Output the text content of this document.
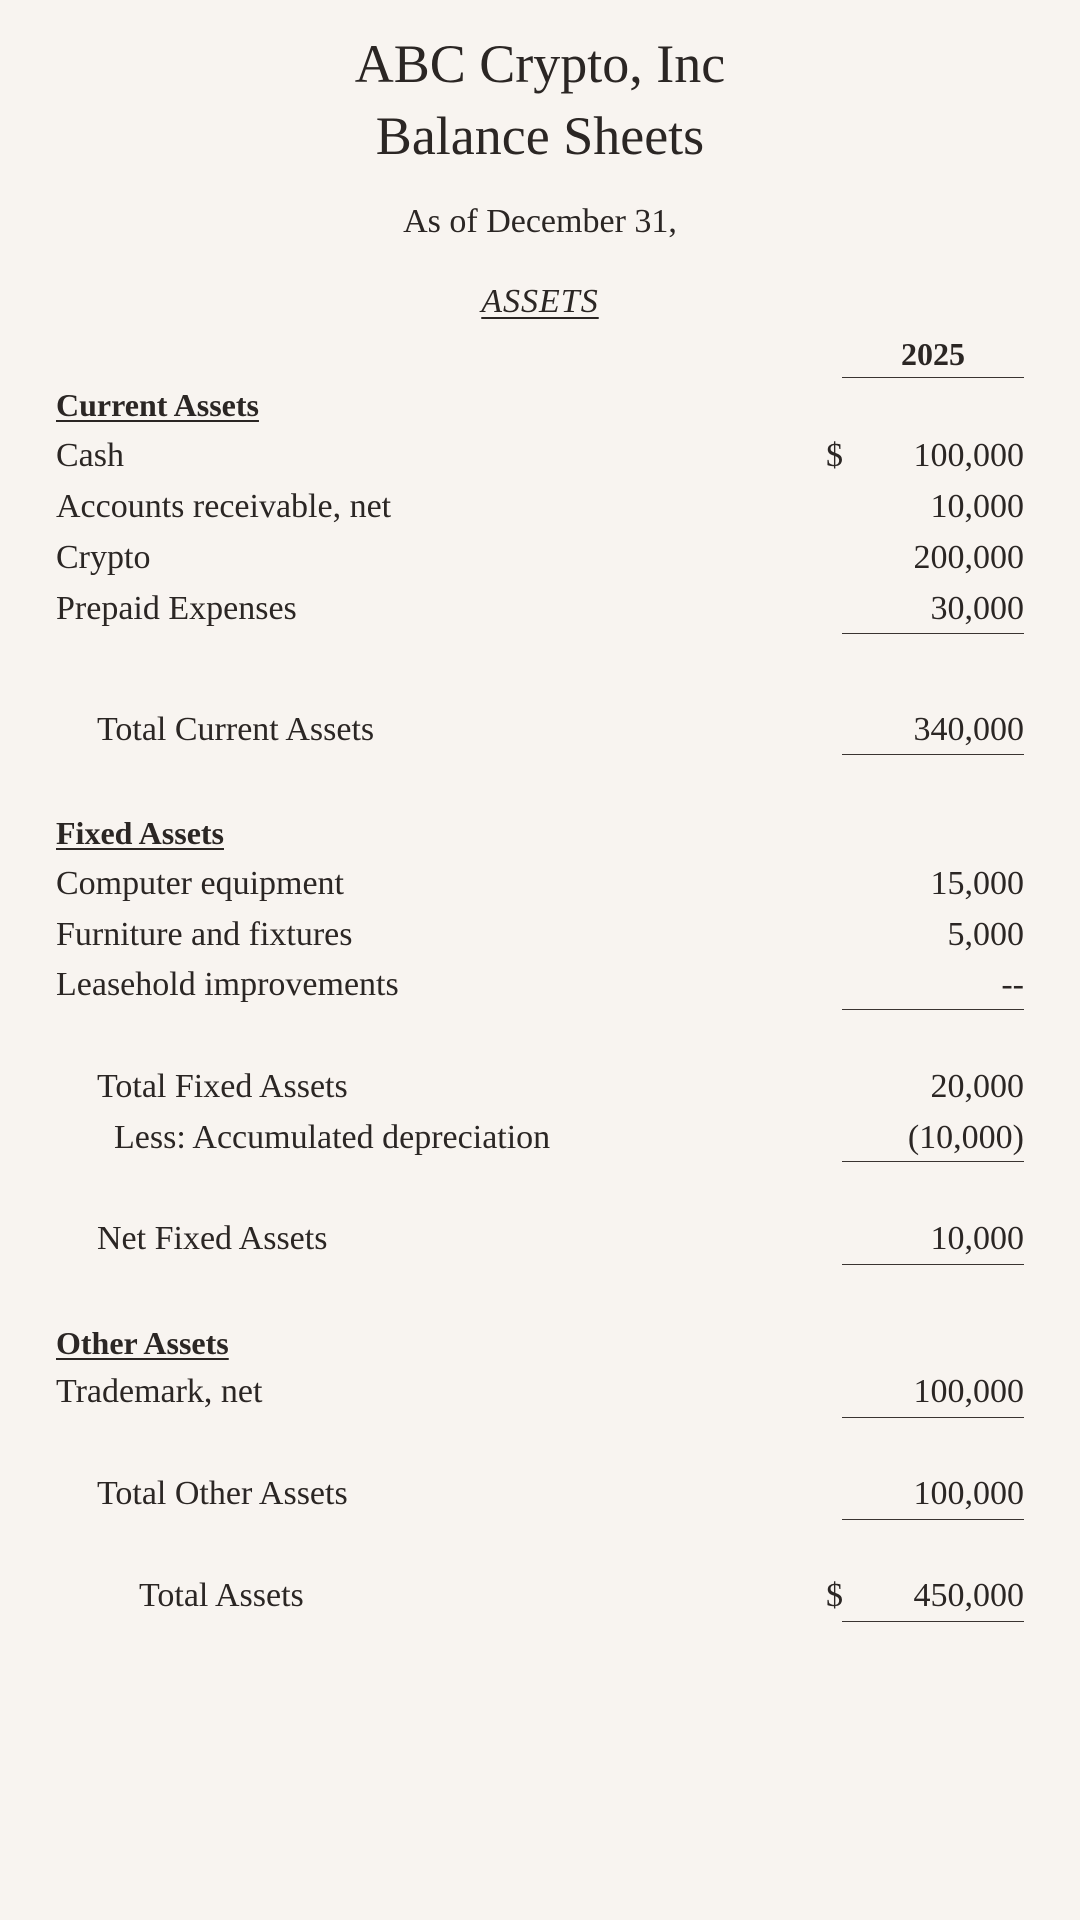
ABC Crypto, Inc
Balance Sheets
As of December 31,
ASSETS
2025
Current Assets
Cash	$ 100,000
Accounts receivable, net	10,000
Crypto	200,000
Prepaid Expenses	30,000
Total Current Assets	340,000
Fixed Assets
Computer equipment	15,000
Furniture and fixtures	5,000
Leasehold improvements	--
Total Fixed Assets	20,000
Less: Accumulated depreciation	(10,000)
Net Fixed Assets	10,000
Other Assets
Trademark, net	100,000
Total Other Assets	100,000
Total Assets	$ 450,000
